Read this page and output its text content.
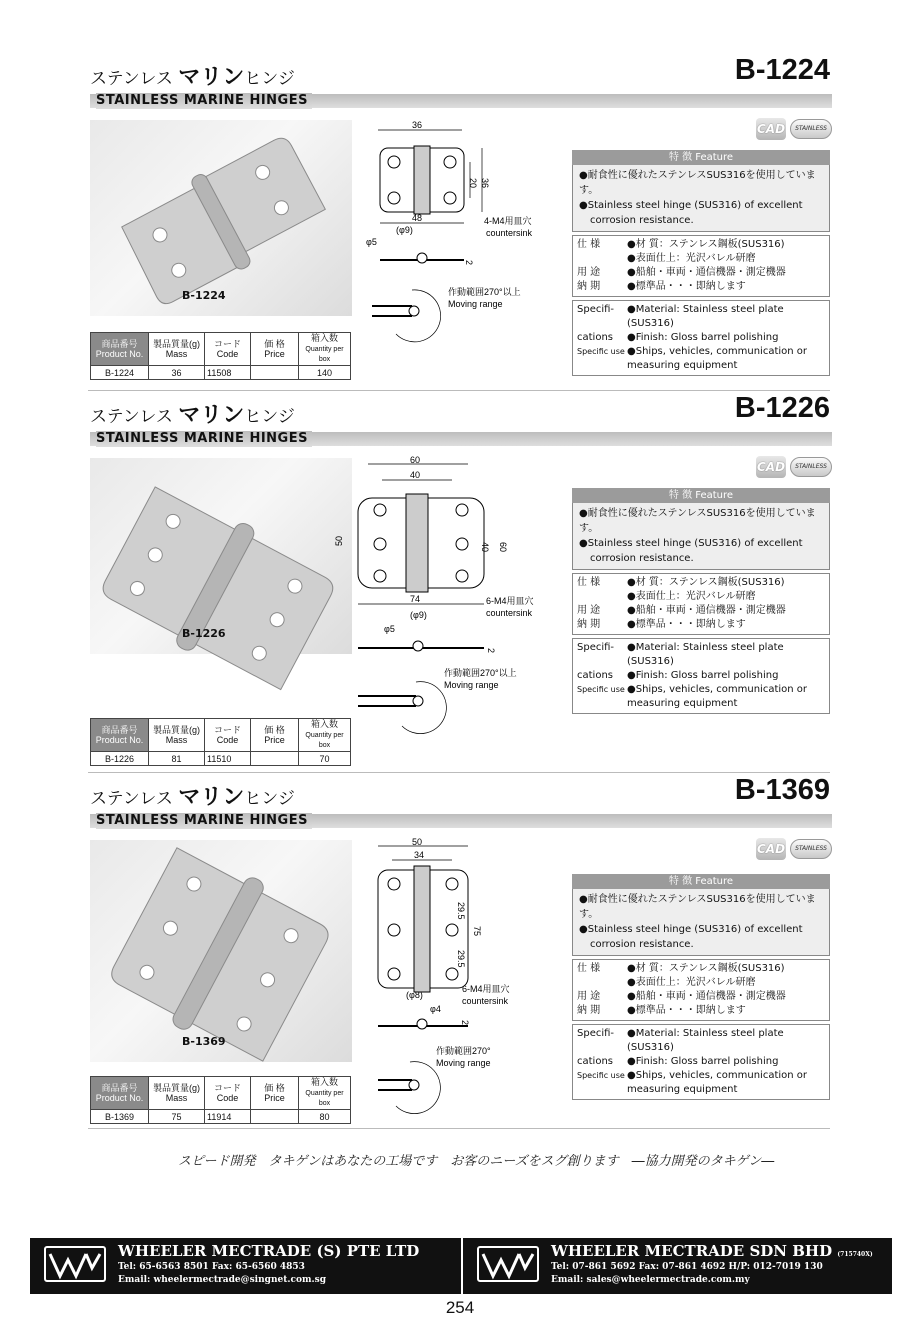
ステンレス マリンヒンジ	B-1224
STAINLESS MARINE HINGES
B-1224
商品番号
Product No.	製品質量(g)
Mass	コード
Code	価 格
Price	箱入数
Quantity per box
B-1224	36	11508		140
36
20 36
48
(φ9)
φ5
4-M4用皿穴
countersink
2
作動範囲270°以上
Moving range
CAD	STAINLESS
特 徴 Feature
●耐食性に優れたステンレスSUS316を使用しています。
●Stainless steel hinge (SUS316) of excellent
corrosion resistance.
仕 様	●材 質：ステンレス鋼板(SUS316)
●表面仕上：光沢バレル研磨
用 途	●船舶・車両・通信機器・測定機器
納 期	●標準品・・・即納します
Specifi-	●Material: Stainless steel plate (SUS316)
cations	●Finish: Gloss barrel polishing
Specific use ●Ships, vehicles, communication or
measuring equipment
ステンレス マリンヒンジ	B-1226
STAINLESS MARINE HINGES
B-1226
商品番号
Product No.	製品質量(g)
Mass	コード
Code	価 格
Price	箱入数
Quantity per box
B-1226	81	11510		70
60
40
50
40 60
74
(φ9)
φ5
6-M4用皿穴
countersink
2
作動範囲270°以上
Moving range
CAD	STAINLESS
特 徴 Feature
●耐食性に優れたステンレスSUS316を使用しています。
●Stainless steel hinge (SUS316) of excellent
corrosion resistance.
仕 様	●材 質：ステンレス鋼板(SUS316)
●表面仕上：光沢バレル研磨
用 途	●船舶・車両・通信機器・測定機器
納 期	●標準品・・・即納します
Specifi-	●Material: Stainless steel plate (SUS316)
cations	●Finish: Gloss barrel polishing
Specific use ●Ships, vehicles, communication or
measuring equipment
ステンレス マリンヒンジ	B-1369
STAINLESS MARINE HINGES
B-1369
商品番号
Product No.	製品質量(g)
Mass	コード
Code	価 格
Price	箱入数
Quantity per box
B-1369	75	11914		80
50
34
29.5
75
29.5
(φ8)
φ4
6-M4用皿穴
countersink
2
作動範囲270°
Moving range
CAD	STAINLESS
特 徴 Feature
●耐食性に優れたステンレスSUS316を使用しています。
●Stainless steel hinge (SUS316) of excellent
corrosion resistance.
仕 様	●材 質：ステンレス鋼板(SUS316)
●表面仕上：光沢バレル研磨
用 途	●船舶・車両・通信機器・測定機器
納 期	●標準品・・・即納します
Specifi-	●Material: Stainless steel plate (SUS316)
cations	●Finish: Gloss barrel polishing
Specific use ●Ships, vehicles, communication or
measuring equipment
スピード開発　タキゲンはあなたの工場です　お客のニーズをスグ創ります　―協力開発のタキゲン―
WHEELER MECTRADE (S) PTE LTD
Tel: 65-6563 8501 Fax: 65-6560 4853
Email: wheelermectrade@singnet.com.sg
WHEELER MECTRADE SDN BHD (715740X)
Tel: 07-861 5692 Fax: 07-861 4692 H/P: 012-7019 130
Email: sales@wheelermectrade.com.my
254
